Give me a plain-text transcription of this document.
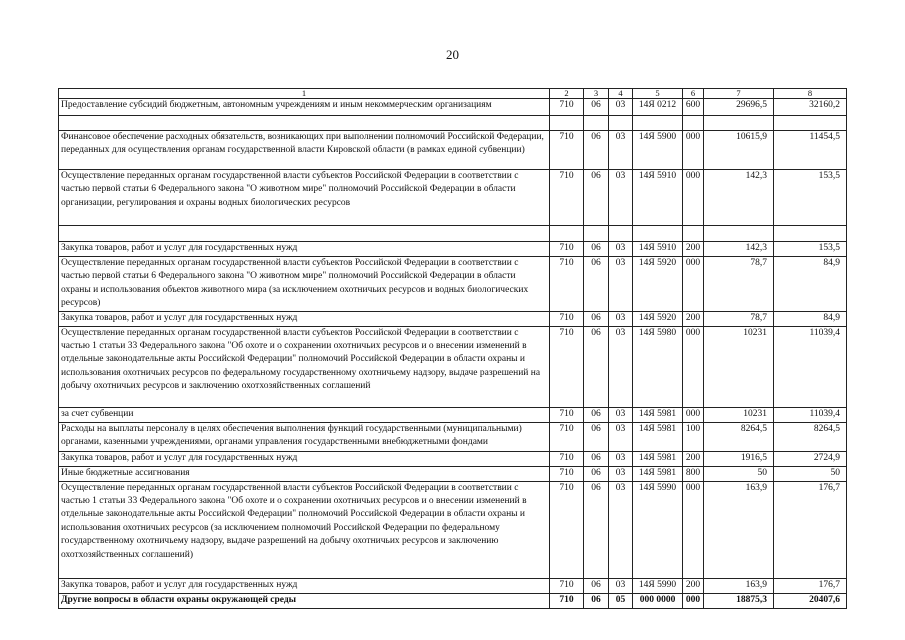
20
1	2	3	4	5	6	7	8
Предоставление субсидий бюджетным, автономным учреждениям и иным некоммерческим организациям	710	06	03	14Я 0212	600	29696,5	32160,2

Финансовое обеспечение расходных обязательств, возникающих при выполнении полномочий Российской Федерации, переданных для осуществления органам государственной власти Кировской области (в рамках единой субвенции)	710	06	03	14Я 5900	000	10615,9	11454,5
Осуществление переданных органам государственной власти субъектов Российской Федерации в соответствии с частью первой статьи 6 Федерального закона "О животном мире" полномочий Российской Федерации в области организации, регулирования и охраны водных биологических ресурсов	710	06	03	14Я 5910	000	142,3	153,5

Закупка товаров, работ и услуг для государственных нужд	710	06	03	14Я 5910	200	142,3	153,5
Осуществление переданных органам государственной власти субъектов Российской Федерации в соответствии с частью первой статьи 6 Федерального закона "О животном мире" полномочий Российской Федерации в области охраны и использования объектов животного мира (за исключением охотничьих ресурсов и водных биологических ресурсов)	710	06	03	14Я 5920	000	78,7	84,9
Закупка товаров, работ и услуг для государственных нужд	710	06	03	14Я 5920	200	78,7	84,9
Осуществление переданных органам государственной власти субъектов Российской Федерации в соответствии с частью 1 статьи 33 Федерального закона "Об охоте и о сохранении охотничьих ресурсов и о внесении изменений в отдельные законодательные акты Российской Федерации" полномочий Российской Федерации в области охраны и использования охотничьих ресурсов по федеральному государственному охотничьему надзору, выдаче разрешений на добычу охотничьих ресурсов и заключению охотхозяйственных соглашений	710	06	03	14Я 5980	000	10231	11039,4
за счет субвенции	710	06	03	14Я 5981	000	10231	11039,4
Расходы на выплаты персоналу в целях обеспечения выполнения функций государственными (муниципальными) органами, казенными учреждениями, органами управления государственными внебюджетными фондами	710	06	03	14Я 5981	100	8264,5	8264,5
Закупка товаров, работ и услуг для государственных нужд	710	06	03	14Я 5981	200	1916,5	2724,9
Иные бюджетные ассигнования	710	06	03	14Я 5981	800	50	50
Осуществление переданных органам государственной власти субъектов Российской Федерации в соответствии с частью 1 статьи 33 Федерального закона "Об охоте и о сохранении охотничьих ресурсов и о внесении изменений в отдельные законодательные акты Российской Федерации" полномочий Российской Федерации в области охраны и использования охотничьих ресурсов (за исключением полномочий Российской Федерации по федеральному государственному охотничьему надзору, выдаче разрешений на добычу охотничьих ресурсов и заключению охотхозяйственных соглашений)	710	06	03	14Я 5990	000	163,9	176,7
Закупка товаров, работ и услуг для государственных нужд	710	06	03	14Я 5990	200	163,9	176,7
Другие вопросы в области охраны окружающей среды	710	06	05	000 0000	000	18875,3	20407,6
